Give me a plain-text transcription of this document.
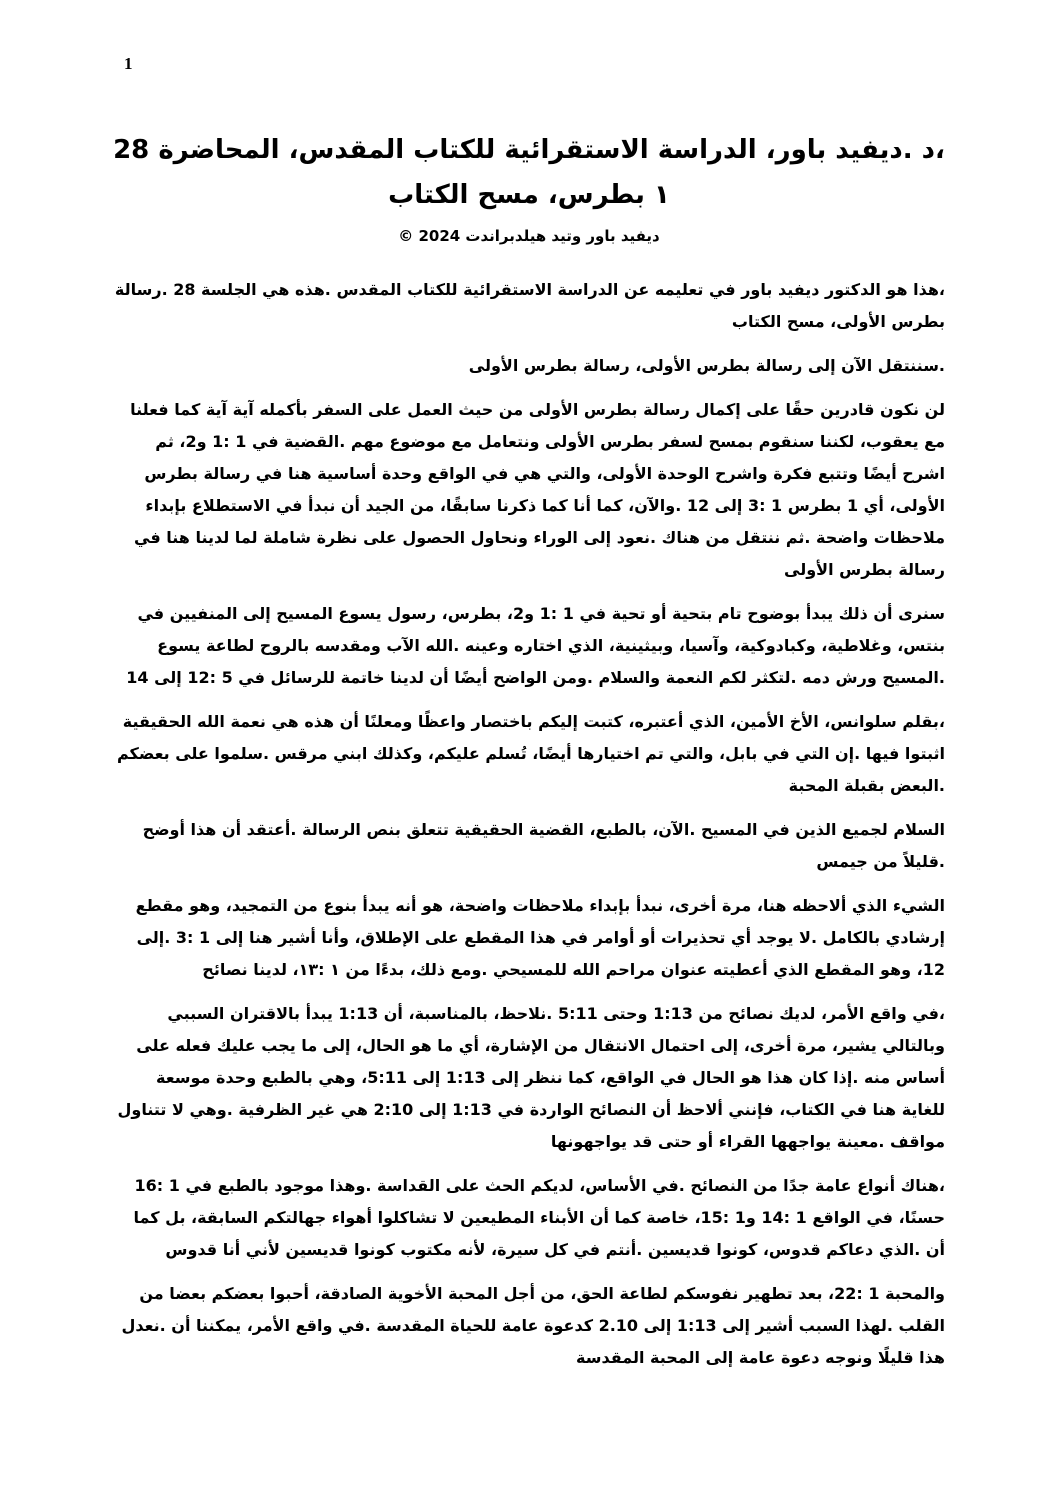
1
،د .ديفيد باور، الدراسة الاستقرائية للكتاب المقدس، المحاضرة 28
١ بطرس، مسح الكتاب
ديفيد باور وتيد هيلدبراندت 2024 ©

،هذا هو الدكتور ديفيد باور في تعليمه عن الدراسة الاستقرائية للكتاب المقدس .هذه هي الجلسة 28 .رسالة بطرس الأولى، مسح الكتاب

.سننتقل الآن إلى رسالة بطرس الأولى، رسالة بطرس الأولى

لن نكون قادرين حقًا على إكمال رسالة بطرس الأولى من حيث العمل على السفر بأكمله آية آية كما فعلنا مع يعقوب، لكننا سنقوم بمسح لسفر بطرس الأولى ونتعامل مع موضوع مهم .القضية في 1 :1 و2، ثم اشرح أيضًا وتتبع فكرة واشرح الوحدة الأولى، والتي هي في الواقع وحدة أساسية هنا في رسالة بطرس الأولى، أي 1 بطرس 1 :3 إلى 12 .والآن، كما أنا كما ذكرنا سابقًا، من الجيد أن نبدأ في الاستطلاع بإبداء ملاحظات واضحة .ثم ننتقل من هناك .نعود إلى الوراء ونحاول الحصول على نظرة شاملة لما لدينا هنا في رسالة بطرس الأولى

سنرى أن ذلك يبدأ بوضوح تام بتحية أو تحية في 1 :1 و2، بطرس، رسول يسوع المسيح إلى المنفيين في بنتس، وغلاطية، وكبادوكية، وآسيا، وبيثينية، الذي اختاره وعينه .الله الآب ومقدسه بالروح لطاعة يسوع .المسيح ورش دمه .لتكثر لكم النعمة والسلام .ومن الواضح أيضًا أن لدينا خاتمة للرسائل في 5 :12 إلى 14

،بقلم سلوانس، الأخ الأمين، الذي أعتبره، كتبت إليكم باختصار واعظًا ومعلنًا أن هذه هي نعمة الله الحقيقية اثبتوا فيها .إن التي في بابل، والتي تم اختيارها أيضًا، تُسلم عليكم، وكذلك ابني مرقس .سلموا على بعضكم .البعض بقبلة المحبة

السلام لجميع الذين في المسيح .الآن، بالطبع، القضية الحقيقية تتعلق بنص الرسالة .أعتقد أن هذا أوضح .قليلاً من جيمس

الشيء الذي ألاحظه هنا، مرة أخرى، نبدأ بإبداء ملاحظات واضحة، هو أنه يبدأ بنوع من التمجيد، وهو مقطع إرشادي بالكامل .لا يوجد أي تحذيرات أو أوامر في هذا المقطع على الإطلاق، وأنا أشير هنا إلى 1 :3 .إلى 12، وهو المقطع الذي أعطيته عنوان مراحم الله للمسيحي .ومع ذلك، بدءًا من ١ :١٣، لدينا نصائح

،في واقع الأمر، لديك نصائح من 1:13 وحتى 5:11 .نلاحظ، بالمناسبة، أن 1:13 يبدأ بالاقتران السببي وبالتالي يشير، مرة أخرى، إلى احتمال الانتقال من الإشارة، أي ما هو الحال، إلى ما يجب عليك فعله على أساس منه .إذا كان هذا هو الحال في الواقع، كما ننظر إلى 1:13 إلى 5:11، وهي بالطبع وحدة موسعة للغاية هنا في الكتاب، فإنني ألاحظ أن النصائح الواردة في 1:13 إلى 2:10 هي غير الظرفية .وهي لا تتناول مواقف .معينة يواجهها القراء أو حتى قد يواجهونها

،هناك أنواع عامة جدًا من النصائح .في الأساس، لديكم الحث على القداسة .وهذا موجود بالطبع في 1 :16 حسنًا، في الواقع 1 :14 و1 :15، خاصة كما أن الأبناء المطيعين لا تشاكلوا أهواء جهالتكم السابقة، بل كما أن .الذي دعاكم قدوس، كونوا قديسين .أنتم في كل سيرة، لأنه مكتوب كونوا قديسين لأني أنا قدوس

والمحبة 1 :22، بعد تطهير نفوسكم لطاعة الحق، من أجل المحبة الأخوية الصادقة، أحبوا بعضكم بعضا من القلب .لهذا السبب أشير إلى 1:13 إلى 2.10 كدعوة عامة للحياة المقدسة .في واقع الأمر، يمكننا أن .نعدل هذا قليلًا ونوجه دعوة عامة إلى المحبة المقدسة
